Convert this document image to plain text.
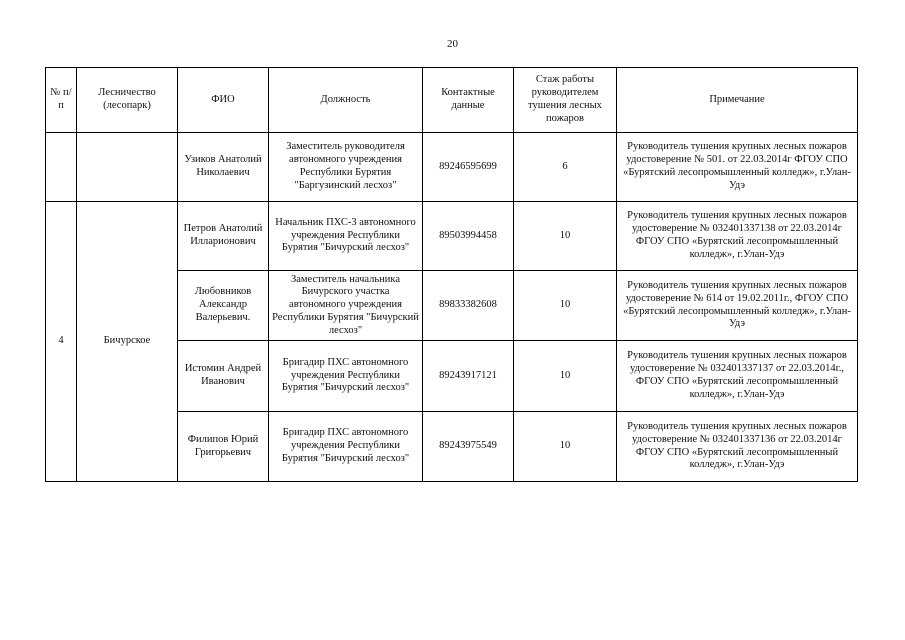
20
№ п/п	Лесничество (лесопарк)	ФИО	Должность	Контактные данные	Стаж работы руководителем тушения лесных пожаров	Примечание
		Узиков Анатолий Николаевич	Заместитель руководителя автономного учреждения Республики Бурятия "Баргузинский лесхоз"	89246595699	6	Руководитель тушения крупных лесных пожаров удостоверение № 501. от 22.03.2014г ФГОУ СПО «Бурятский лесопромышленный колледж», г.Улан-Удэ
4	Бичурское	Петров Анатолий Илларионович	Начальник ПХС-3 автономного учреждения Республики Бурятия "Бичурский лесхоз"	89503994458	10	Руководитель тушения крупных лесных пожаров удостоверение № 032401337138 от 22.03.2014г ФГОУ СПО «Бурятский лесопромышленный колледж», г.Улан-Удэ
		Любовников Александр Валерьевич.	Заместитель начальника Бичурского участка автономного учреждения Республики Бурятия "Бичурский лесхоз"	89833382608	10	Руководитель тушения крупных лесных пожаров удостоверение № 614 от 19.02.2011г., ФГОУ СПО «Бурятский лесопромышленный колледж», г.Улан-Удэ
		Истомин Андрей Иванович	Бригадир ПХС автономного учреждения Республики Бурятия "Бичурский лесхоз"	89243917121	10	Руководитель тушения крупных лесных пожаров удостоверение № 032401337137 от 22.03.2014г., ФГОУ СПО «Бурятский лесопромышленный колледж», г.Улан-Удэ
		Филипов Юрий Григорьевич	Бригадир ПХС автономного учреждения Республики Бурятия "Бичурский лесхоз"	89243975549	10	Руководитель тушения крупных лесных пожаров удостоверение № 032401337136 от 22.03.2014г ФГОУ СПО «Бурятский лесопромышленный колледж», г.Улан-Удэ
